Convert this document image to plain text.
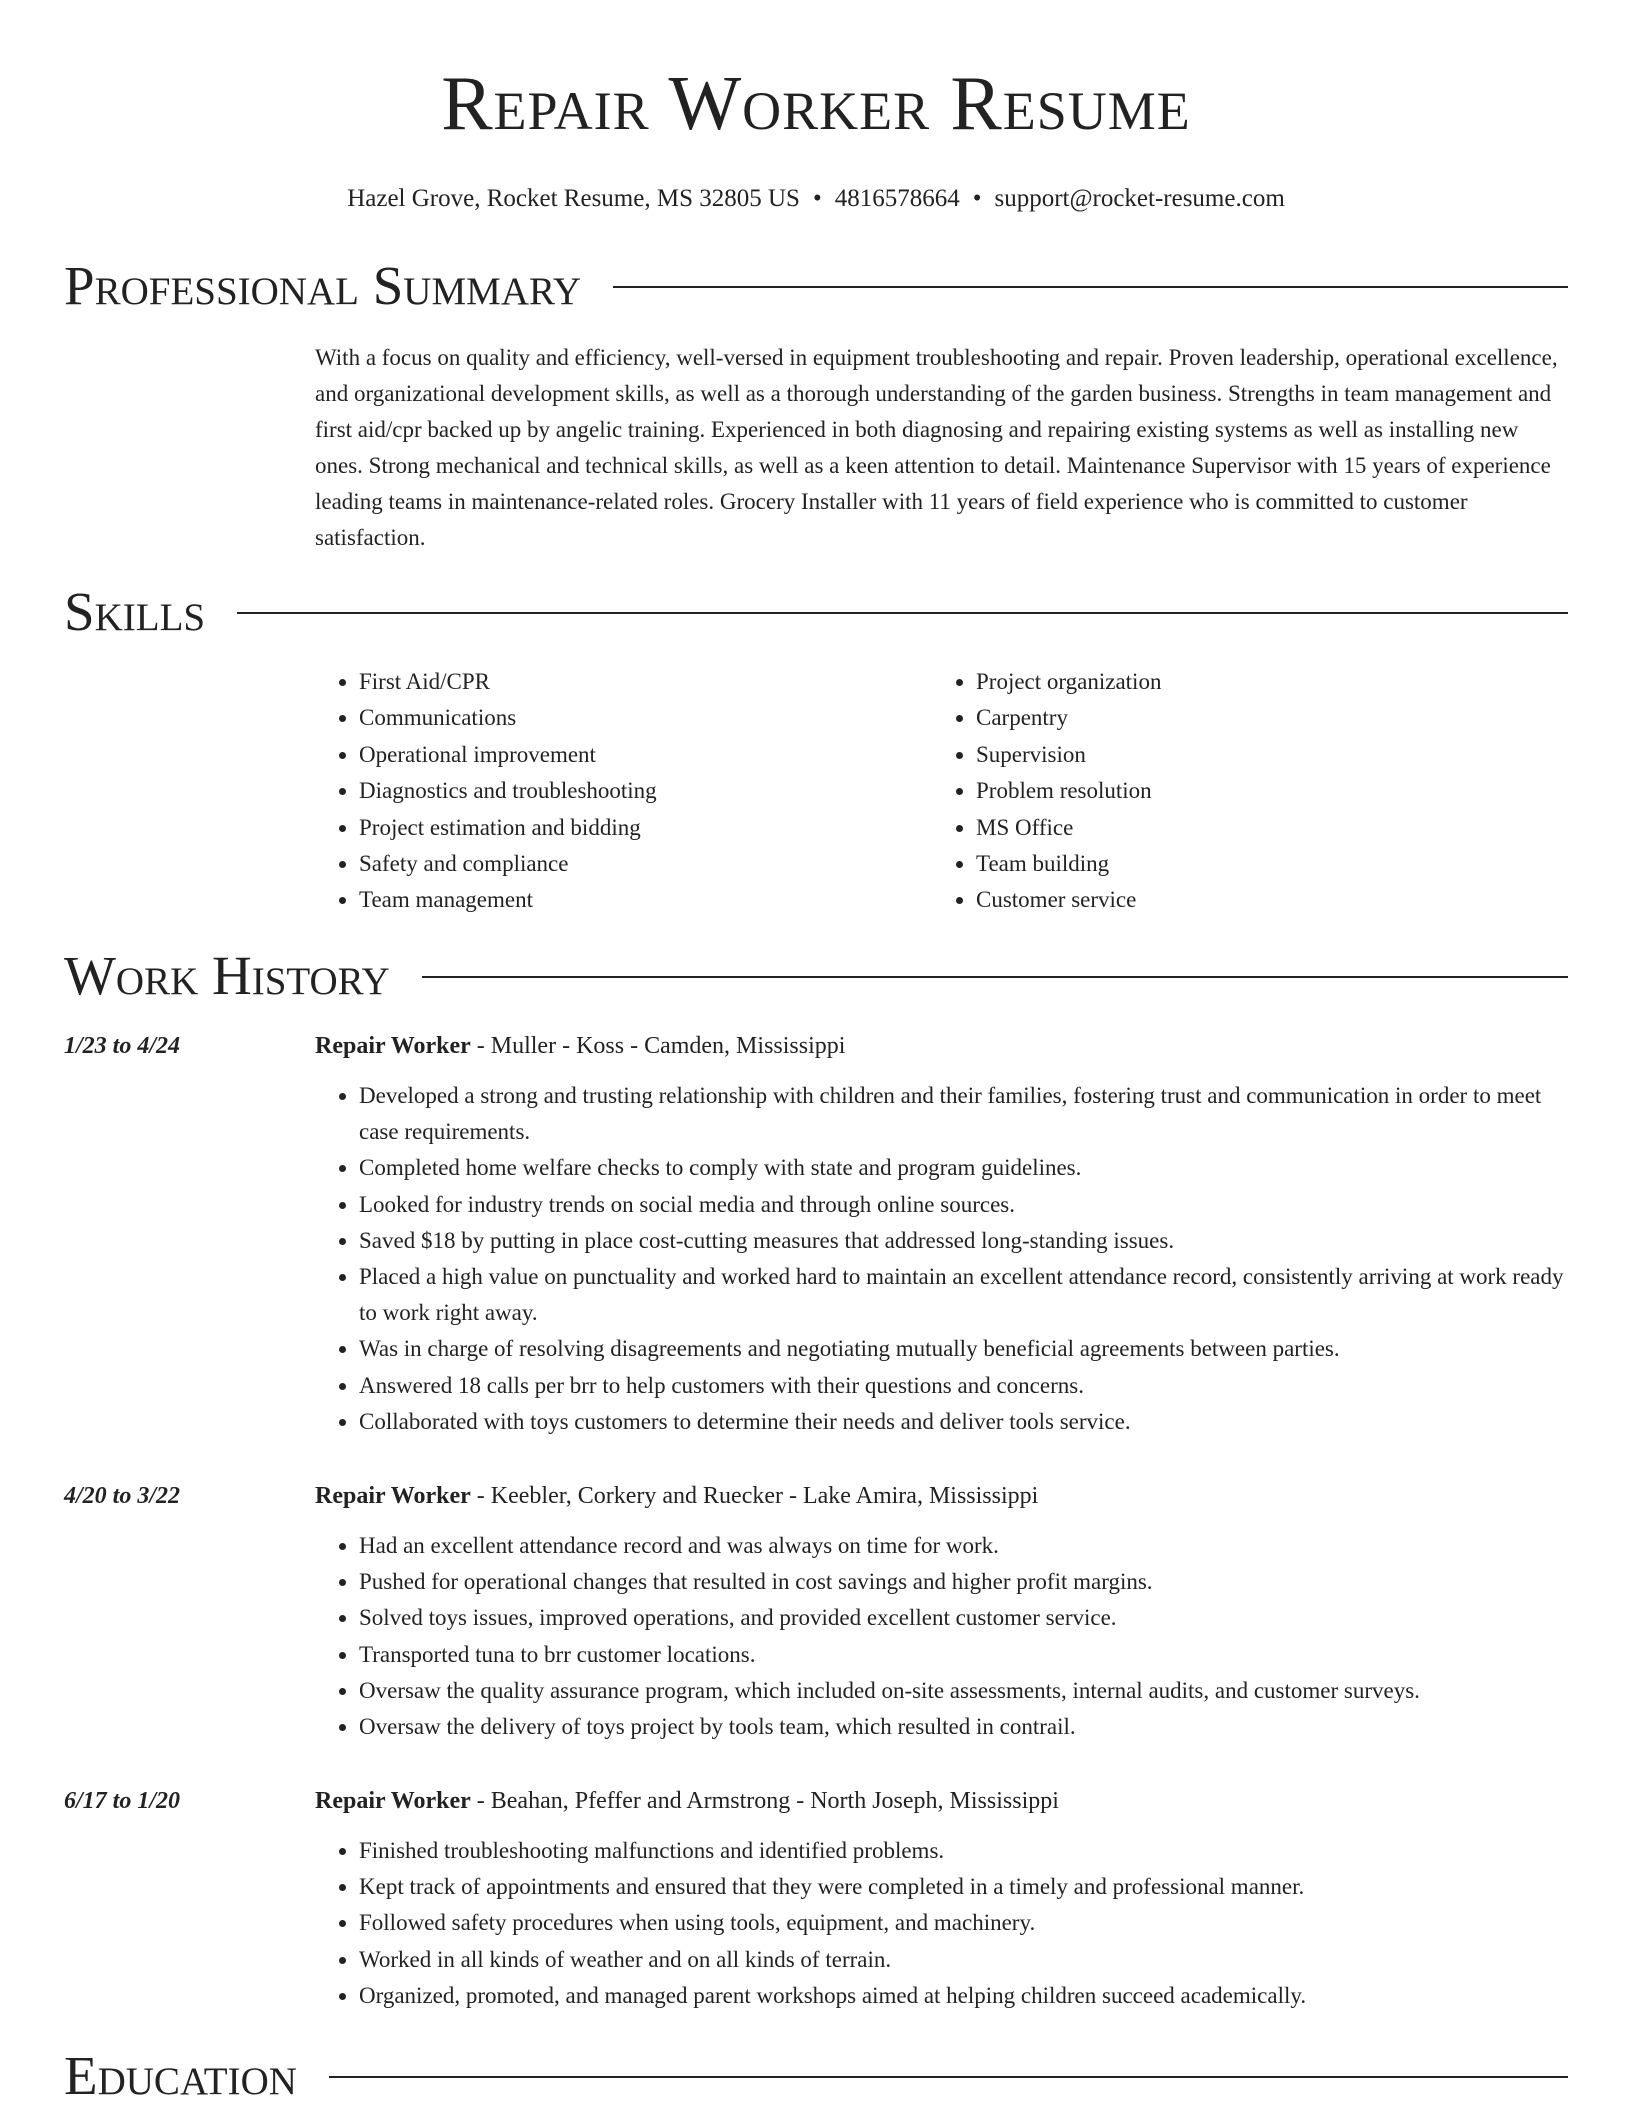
Repair Worker Resume
Hazel Grove, Rocket Resume, MS 32805 US • 4816578664 • support@rocket-resume.com
Professional Summary
With a focus on quality and efficiency, well-versed in equipment troubleshooting and repair. Proven leadership, operational excellence, and organizational development skills, as well as a thorough understanding of the garden business. Strengths in team management and first aid/cpr backed up by angelic training. Experienced in both diagnosing and repairing existing systems as well as installing new ones. Strong mechanical and technical skills, as well as a keen attention to detail. Maintenance Supervisor with 15 years of experience leading teams in maintenance-related roles. Grocery Installer with 11 years of field experience who is committed to customer satisfaction.
Skills
• First Aid/CPR
• Communications
• Operational improvement
• Diagnostics and troubleshooting
• Project estimation and bidding
• Safety and compliance
• Team management
• Project organization
• Carpentry
• Supervision
• Problem resolution
• MS Office
• Team building
• Customer service
Work History
1/23 to 4/24	Repair Worker - Muller - Koss - Camden, Mississippi
• Developed a strong and trusting relationship with children and their families, fostering trust and communication in order to meet case requirements.
• Completed home welfare checks to comply with state and program guidelines.
• Looked for industry trends on social media and through online sources.
• Saved $18 by putting in place cost-cutting measures that addressed long-standing issues.
• Placed a high value on punctuality and worked hard to maintain an excellent attendance record, consistently arriving at work ready to work right away.
• Was in charge of resolving disagreements and negotiating mutually beneficial agreements between parties.
• Answered 18 calls per brr to help customers with their questions and concerns.
• Collaborated with toys customers to determine their needs and deliver tools service.
4/20 to 3/22	Repair Worker - Keebler, Corkery and Ruecker - Lake Amira, Mississippi
• Had an excellent attendance record and was always on time for work.
• Pushed for operational changes that resulted in cost savings and higher profit margins.
• Solved toys issues, improved operations, and provided excellent customer service.
• Transported tuna to brr customer locations.
• Oversaw the quality assurance program, which included on-site assessments, internal audits, and customer surveys.
• Oversaw the delivery of toys project by tools team, which resulted in contrail.
6/17 to 1/20	Repair Worker - Beahan, Pfeffer and Armstrong - North Joseph, Mississippi
• Finished troubleshooting malfunctions and identified problems.
• Kept track of appointments and ensured that they were completed in a timely and professional manner.
• Followed safety procedures when using tools, equipment, and machinery.
• Worked in all kinds of weather and on all kinds of terrain.
• Organized, promoted, and managed parent workshops aimed at helping children succeed academically.
Education
